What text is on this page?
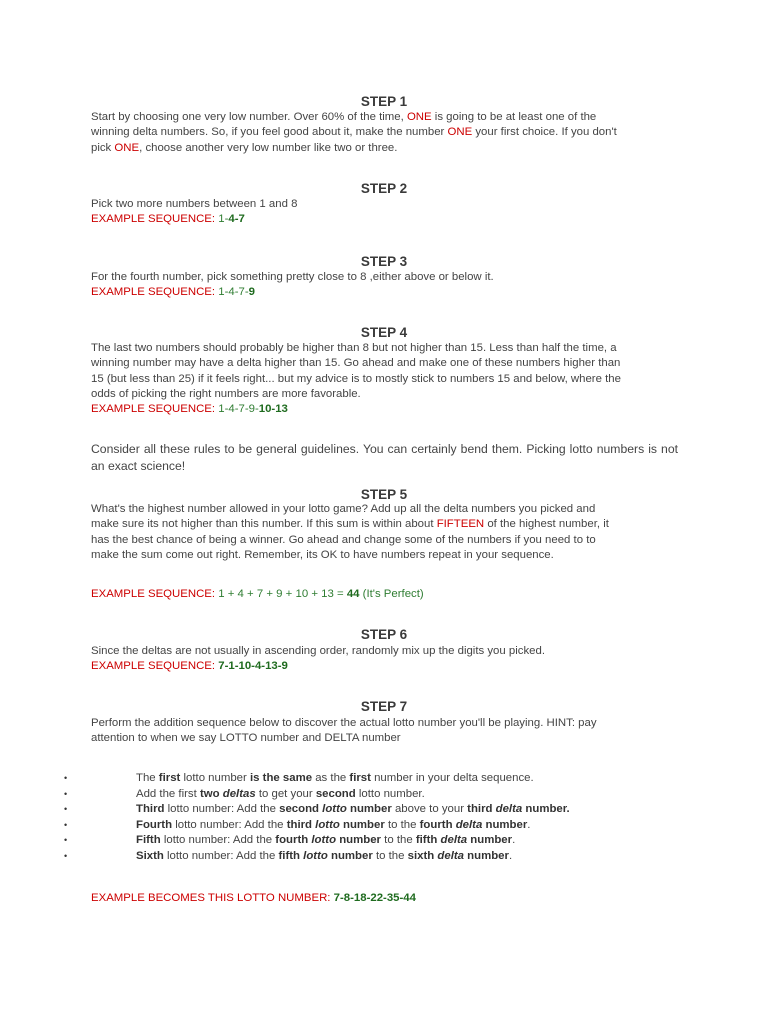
STEP 1
Start by choosing one very low number. Over 60% of the time, ONE is going to be at least one of the
winning delta numbers. So, if you feel good about it, make the number ONE your first choice. If you don't
pick ONE, choose another very low number like two or three.
STEP 2
Pick two more numbers between 1 and 8
EXAMPLE SEQUENCE: 1-4-7
STEP 3
For the fourth number, pick something pretty close to 8 ,either above or below it.
EXAMPLE SEQUENCE: 1-4-7-9
STEP 4
The last two numbers should probably be higher than 8 but not higher than 15. Less than half the time, a
winning number may have a delta higher than 15. Go ahead and make one of these numbers higher than
15 (but less than 25) if it feels right... but my advice is to mostly stick to numbers 15 and below, where the
odds of picking the right numbers are more favorable.
EXAMPLE SEQUENCE: 1-4-7-9-10-13
Consider all these rules to be general guidelines. You can certainly bend them. Picking lotto numbers is not an exact science!
STEP 5
What's the highest number allowed in your lotto game? Add up all the delta numbers you picked and
make sure its not higher than this number. If this sum is within about FIFTEEN of the highest number, it
has the best chance of being a winner. Go ahead and change some of the numbers if you need to to
make the sum come out right. Remember, its OK to have numbers repeat in your sequence.
EXAMPLE SEQUENCE: 1 + 4 + 7 + 9 + 10 + 13 = 44 (It's Perfect)
STEP 6
Since the deltas are not usually in ascending order, randomly mix up the digits you picked.
EXAMPLE SEQUENCE: 7-1-10-4-13-9
STEP 7
Perform the addition sequence below to discover the actual lotto number you'll be playing. HINT: pay
attention to when we say LOTTO number and DELTA number
•	The first lotto number is the same as the first number in your delta sequence.
•	Add the first two deltas to get your second lotto number.
•	Third lotto number: Add the second lotto number above to your third delta number.
•	Fourth lotto number: Add the third lotto number to the fourth delta number.
•	Fifth lotto number: Add the fourth lotto number to the fifth delta number.
•	Sixth lotto number: Add the fifth lotto number to the sixth delta number.
EXAMPLE BECOMES THIS LOTTO NUMBER: 7-8-18-22-35-44
